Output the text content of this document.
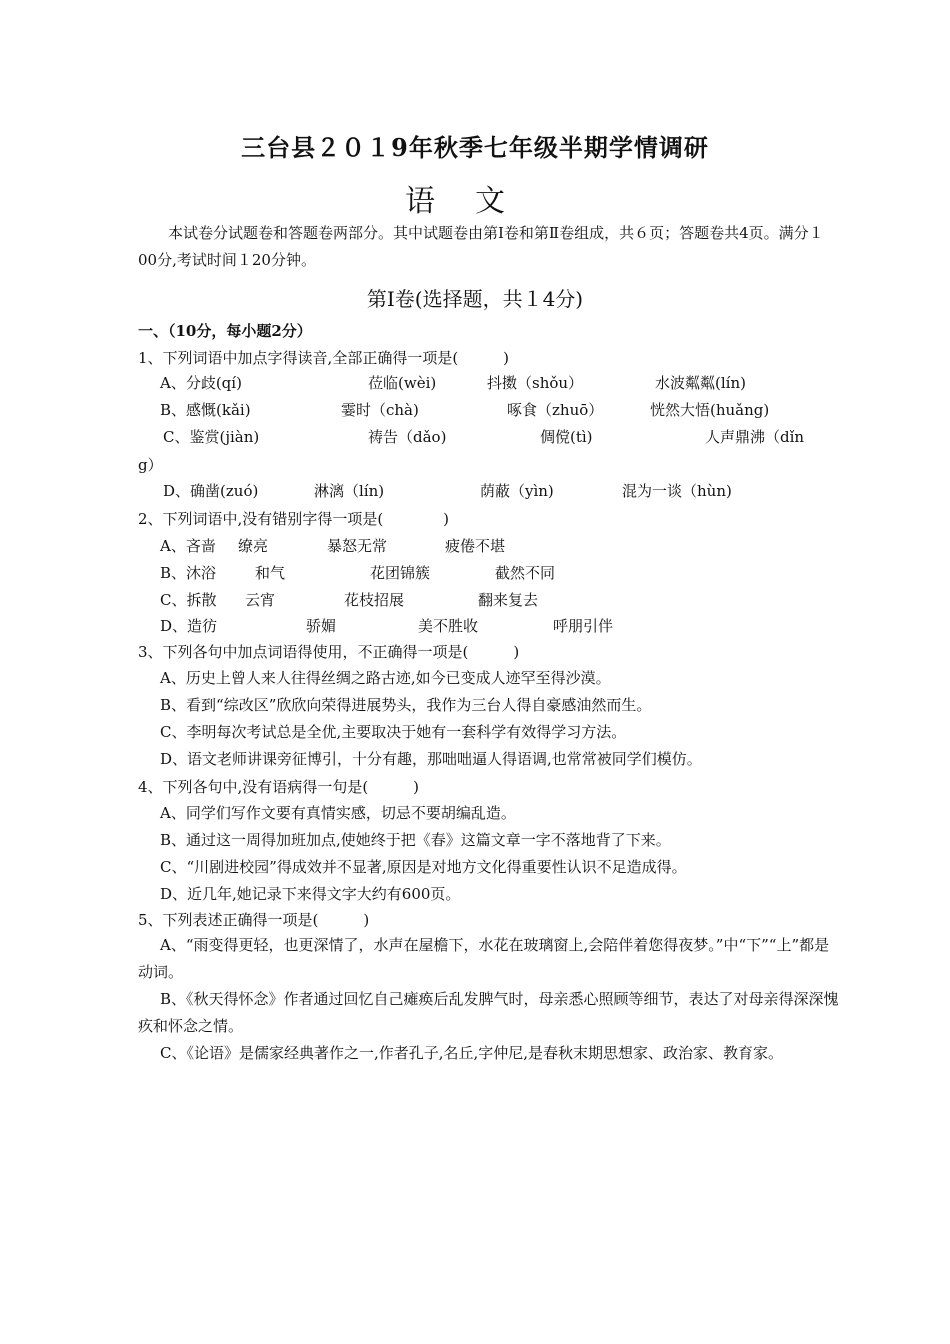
三台县２０１9年秋季七年级半期学情调研
语文
本试卷分试题卷和答题卷两部分。其中试题卷由第Ⅰ卷和第Ⅱ卷组成，共６页；答题卷共4页。满分１00分,考试时间１20分钟。
第Ⅰ卷(选择题，共１4分)
一、（10分，每小题2分）
1、下列词语中加点字得读音,全部正确得一项是(　　　)
A、分歧(qí)	莅临(wèi)	抖擞（shǒu）	水波粼粼(lín)
B、感慨(kǎi)	霎时（chà)	啄食（zhuō）	恍然大悟(huǎng)
C、鉴赏(jiàn)	祷告（dǎo)	倜傥(tì)	人声鼎沸（dǐn
g）
D、确凿(zuó)	淋漓（lín)	荫蔽（yìn)	混为一谈（hùn)
2、下列词语中,没有错别字得一项是(　　　　)
A、吝啬 缭亮	暴怒无常	疲倦不堪
B、沐浴	和气	花团锦簇	截然不同
C、拆散 云宵	花枝招展	翻来复去
D、造彷	骄媚	美不胜收	呼朋引伴
3、下列各句中加点词语得使用，不正确得一项是(　　　)
A、历史上曾人来人往得丝绸之路古迹,如今已变成人迹罕至得沙漠。
B、看到“综改区”欣欣向荣得进展势头，我作为三台人得自豪感油然而生。
C、李明每次考试总是全优,主要取决于她有一套科学有效得学习方法。
D、语文老师讲课旁征博引，十分有趣，那咄咄逼人得语调,也常常被同学们模仿。
4、下列各句中,没有语病得一句是(　　　)
A、同学们写作文要有真情实感，切忌不要胡编乱造。
B、通过这一周得加班加点,使她终于把《春》这篇文章一字不落地背了下来。
C、“川剧进校园”得成效并不显著,原因是对地方文化得重要性认识不足造成得。
D、近几年,她记录下来得文字大约有600页。
5、下列表述正确得一项是(　　　)
A、“雨变得更轻，也更深情了，水声在屋檐下，水花在玻璃窗上,会陪伴着您得夜梦。”中“下”“上”都是动词。
B、《秋天得怀念》作者通过回忆自己瘫痪后乱发脾气时，母亲悉心照顾等细节，表达了对母亲得深深愧疚和怀念之情。
C、《论语》是儒家经典著作之一,作者孔子,名丘,字仲尼,是春秋末期思想家、政治家、教育家。
